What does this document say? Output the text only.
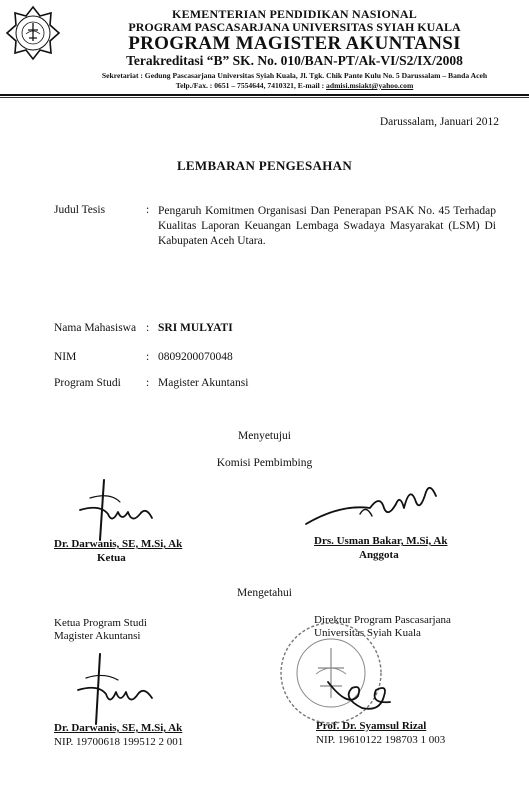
KEMENTERIAN PENDIDIKAN NASIONAL
PROGRAM PASCASARJANA UNIVERSITAS SYIAH KUALA
PROGRAM MAGISTER AKUNTANSI
Terakreditasi “B” SK. No. 010/BAN-PT/Ak-VI/S2/IX/2008
Sekretariat : Gedung Pascasarjana Universitas Syiah Kuala, Jl. Tgk. Chik Pante Kulu No. 5 Darussalam – Banda Aceh
Telp./Fax. : 0651 – 7554644, 7410321, E-mail : admisi.msiakt@yahoo.com
Darussalam, Januari 2012
LEMBARAN PENGESAHAN
Judul Tesis	: Pengaruh Komitmen Organisasi Dan Penerapan PSAK No. 45 Terhadap Kualitas Laporan Keuangan Lembaga Swadaya Masyarakat (LSM) Di Kabupaten Aceh Utara.
Nama Mahasiswa : SRI MULYATI
NIM	: 0809200070048
Program Studi : Magister Akuntansi
Menyetujui
Komisi Pembimbing
Dr. Darwanis, SE, M.Si, Ak
Ketua
Drs. Usman Bakar, M.Si, Ak
Anggota
Mengetahui
Ketua Program Studi
Magister Akuntansi
Dr. Darwanis, SE, M.Si, Ak
NIP. 19700618 199512 2 001
Direktur Program Pascasarjana
Universitas Syiah Kuala
Prof. Dr. Syamsul Rizal
NIP. 19610122 198703 1 003
